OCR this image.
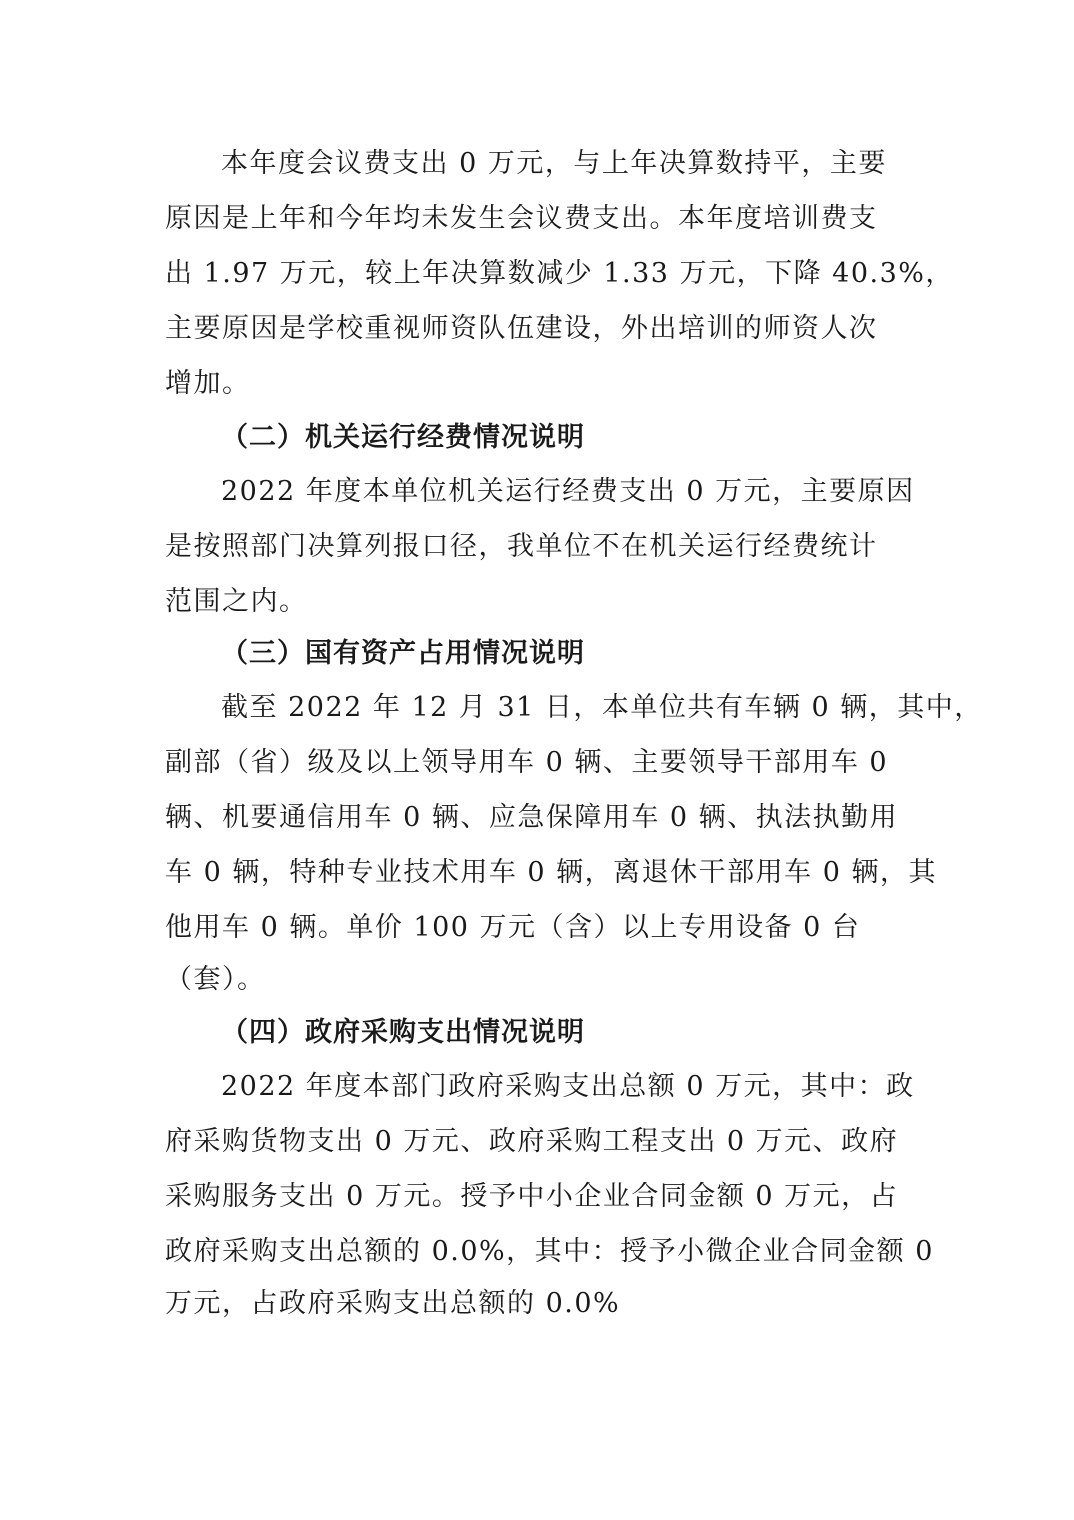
本年度会议费支出 0 万元，与上年决算数持平，主要
原因是上年和今年均未发生会议费支出。本年度培训费支
出 1.97 万元，较上年决算数减少 1.33 万元，下降 40.3%，
主要原因是学校重视师资队伍建设，外出培训的师资人次
增加。
（二）机关运行经费情况说明
2022 年度本单位机关运行经费支出 0 万元，主要原因
是按照部门决算列报口径，我单位不在机关运行经费统计
范围之内。
（三）国有资产占用情况说明
截至 2022 年 12 月 31 日，本单位共有车辆 0 辆，其中，
副部（省）级及以上领导用车 0 辆、主要领导干部用车 0
辆、机要通信用车 0 辆、应急保障用车 0 辆、执法执勤用
车 0 辆，特种专业技术用车 0 辆，离退休干部用车 0 辆，其
他用车 0 辆。单价 100 万元（含）以上专用设备 0 台
（套）。
（四）政府采购支出情况说明
2022 年度本部门政府采购支出总额 0 万元，其中：政
府采购货物支出 0 万元、政府采购工程支出 0 万元、政府
采购服务支出 0 万元。授予中小企业合同金额 0 万元，占
政府采购支出总额的 0.0%，其中：授予小微企业合同金额 0
万元，占政府采购支出总额的 0.0%
